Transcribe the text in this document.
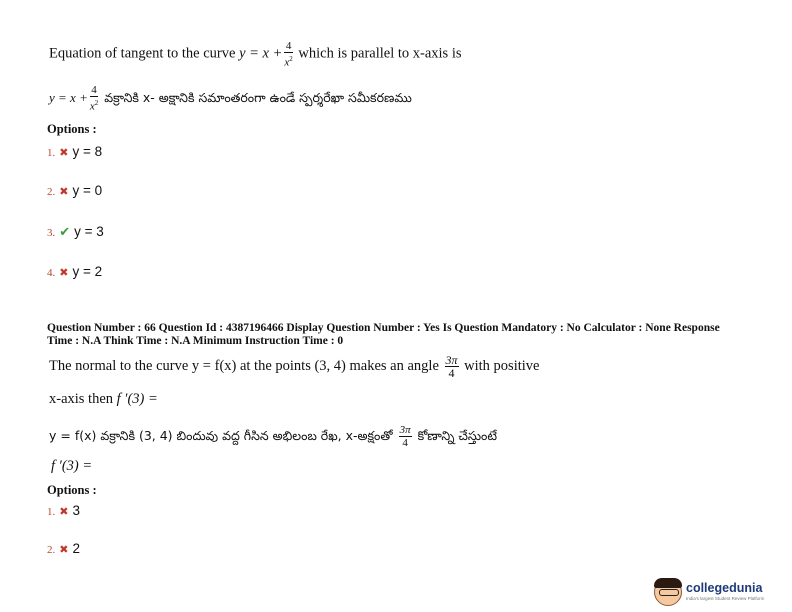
Equation of tangent to the curve $y = x + \frac{4}{x^2}$ which is parallel to x-axis is
$y = x + \frac{4}{x^2}$ వక్రానికి x- అక్షానికి సమాంతరంగా ఉండే స్పర్శరేఖా సమీకరణము
Options :
1. ✖ y = 8
2. ✖ y = 0
3. ✔ y = 3
4. ✖ y = 2
Question Number : 66 Question Id : 4387196466 Display Question Number : Yes Is Question Mandatory : No Calculator : None Response
Time : N.A Think Time : N.A Minimum Instruction Time : 0
The normal to the curve y = f(x) at the points (3, 4) makes an angle $\frac{3\pi}{4}$ with positive
x-axis then f ′(3) =
y = f(x) వక్రానికి (3, 4) బిందువు వద్ద గీసిన అభిలంబ రేఖ, x-అక్షంతో $\frac{3\pi}{4}$ కోణాన్ని చేస్తుంటే
f ′(3) =
Options :
1. ✖ 3
2. ✖ 2
collegedunia
India's largest Student Review Platform
